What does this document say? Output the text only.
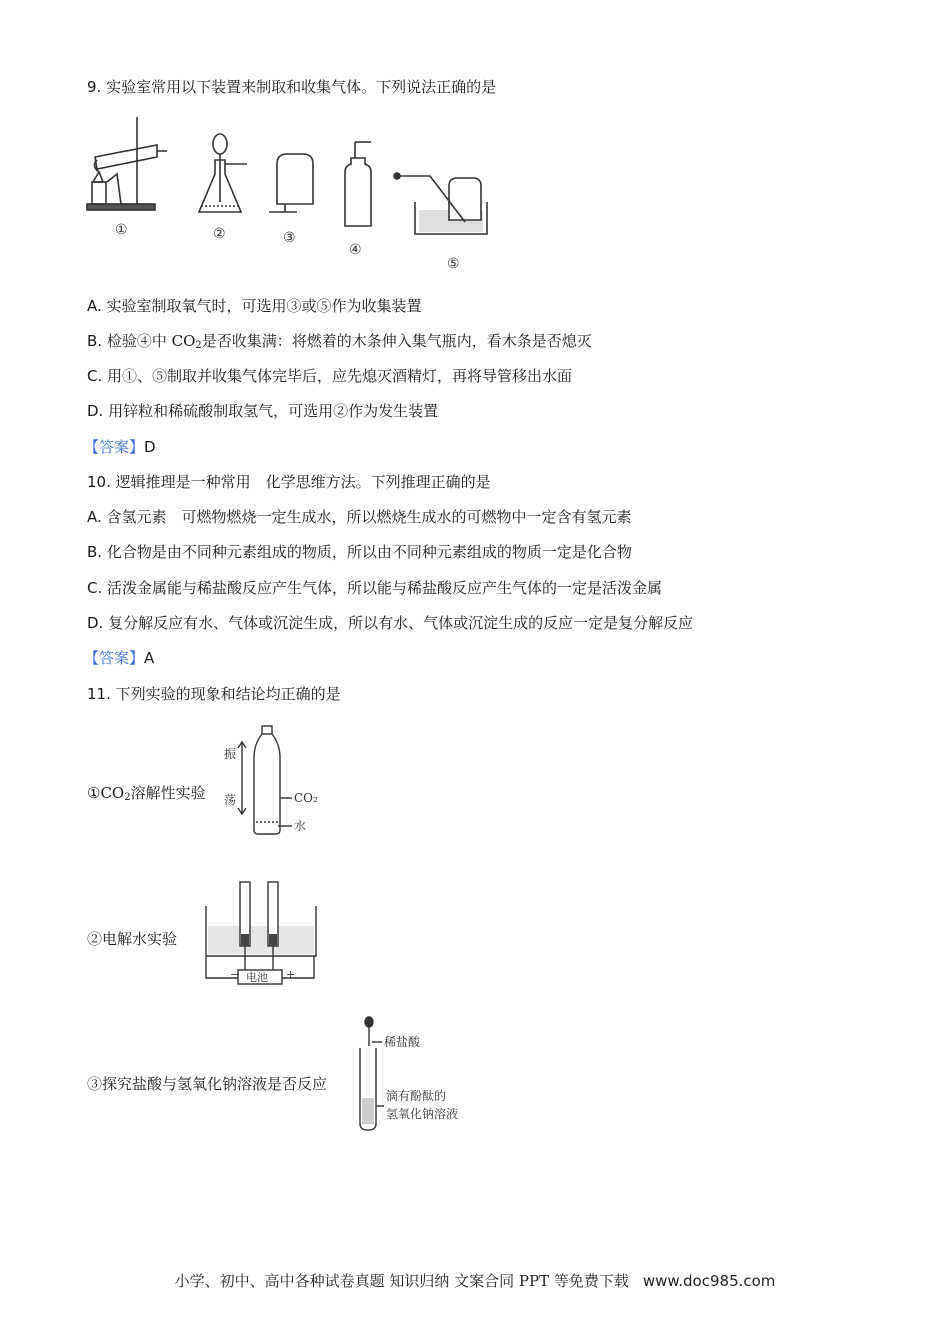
9. 实验室常用以下装置来制取和收集气体。下列说法正确的是
①	②	③
④
⑤
A. 实验室制取氧气时，可选用③或⑤作为收集装置
B. 检验④中 $CO_2$是否收集满：将燃着的木条伸入集气瓶内，看木条是否熄灭
C. 用①、⑤制取并收集气体完毕后，应先熄灭酒精灯，再将导管移出水面
D. 用锌粒和稀硫酸制取氢气，可选用②作为发生装置
【答案】D
10. 逻辑推理是一种常用　化学思维方法。下列推理正确的是
A. 含氢元素　可燃物燃烧一定生成水，所以燃烧生成水的可燃物中一定含有氢元素
B. 化合物是由不同种元素组成的物质，所以由不同种元素组成的物质一定是化合物
C. 活泼金属能与稀盐酸反应产生气体，所以能与稀盐酸反应产生气体的一定是活泼金属
D. 复分解反应有水、气体或沉淀生成，所以有水、气体或沉淀生成的反应一定是复分解反应
【答案】A
11. 下列实验的现象和结论均正确的是
$①CO_2$溶解性实验
振
荡	CO₂
水
②电解水实验
电池
−	+
③探究盐酸与氢氧化钠溶液是否反应
稀盐酸
滴有酚酞的
氢氧化钠溶液
小学、初中、高中各种试卷真题 知识归纳 文案合同 PPT 等免费下载 www.doc985.com
